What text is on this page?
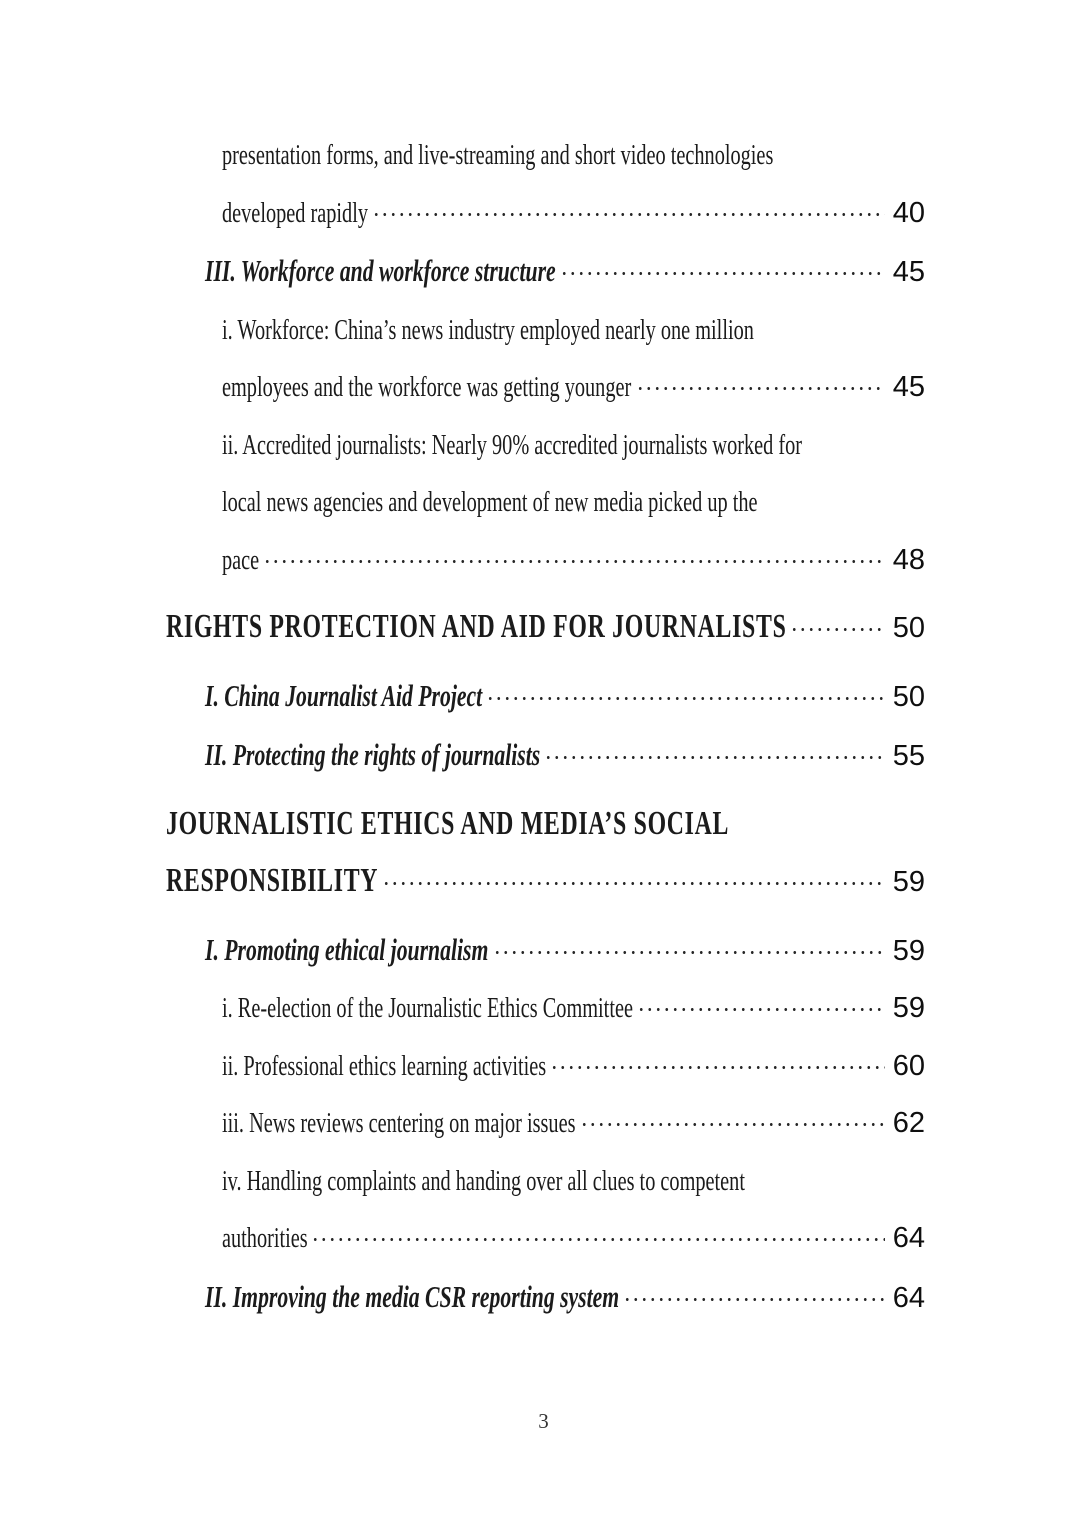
presentation forms, and live-streaming and short video technologies
developed rapidly	40
III. Workforce and workforce structure	45
i. Workforce: China’s news industry employed nearly one million
employees and the workforce was getting younger	45
ii. Accredited journalists: Nearly 90% accredited journalists worked for
local news agencies and development of new media picked up the
pace	48
RIGHTS PROTECTION AND AID FOR JOURNALISTS	50
I. China Journalist Aid Project	50
II. Protecting the rights of journalists	55
JOURNALISTIC ETHICS AND MEDIA’S SOCIAL
RESPONSIBILITY	59
I. Promoting ethical journalism	59
i. Re-election of the Journalistic Ethics Committee	59
ii. Professional ethics learning activities	60
iii. News reviews centering on major issues	62
iv. Handling complaints and handing over all clues to competent
authorities	64
II. Improving the media CSR reporting system	64
3
